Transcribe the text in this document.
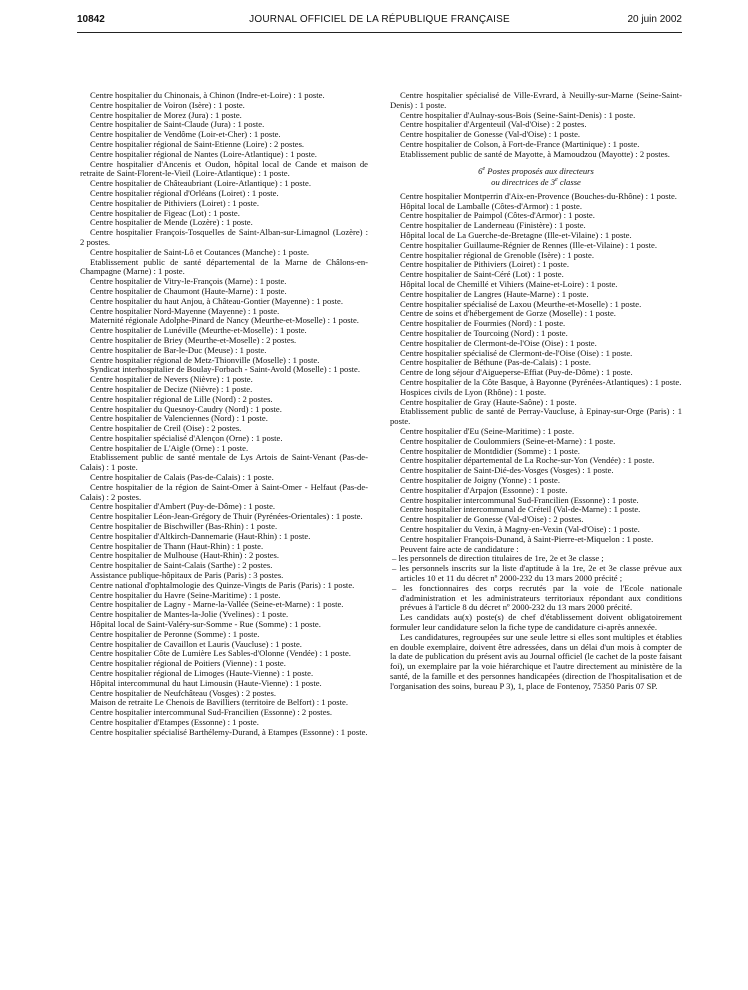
10842	JOURNAL OFFICIEL DE LA RÉPUBLIQUE FRANÇAISE	20 juin 2002

Centre hospitalier du Chinonais, à Chinon (Indre-et-Loire) : 1 poste.

Centre hospitalier de Voiron (Isère) : 1 poste.

Centre hospitalier de Morez (Jura) : 1 poste.

Centre hospitalier de Saint-Claude (Jura) : 1 poste.

Centre hospitalier de Vendôme (Loir-et-Cher) : 1 poste.

Centre hospitalier régional de Saint-Etienne (Loire) : 2 postes.

Centre hospitalier régional de Nantes (Loire-Atlantique) : 1 poste.

Centre hospitalier d'Ancenis et Oudon, hôpital local de Cande et maison de retraite de Saint-Florent-le-Vieil (Loire-Atlantique) : 1 poste.

Centre hospitalier de Châteaubriant (Loire-Atlantique) : 1 poste.

Centre hospitalier régional d'Orléans (Loiret) : 1 poste.

Centre hospitalier de Pithiviers (Loiret) : 1 poste.

Centre hospitalier de Figeac (Lot) : 1 poste.

Centre hospitalier de Mende (Lozère) : 1 poste.

Centre hospitalier François-Tosquelles de Saint-Alban-sur-Limagnol (Lozère) : 2 postes.

Centre hospitalier de Saint-Lô et Coutances (Manche) : 1 poste.

Etablissement public de santé départemental de la Marne de Châlons-en-Champagne (Marne) : 1 poste.

Centre hospitalier de Vitry-le-François (Marne) : 1 poste.

Centre hospitalier de Chaumont (Haute-Marne) : 1 poste.

Centre hospitalier du haut Anjou, à Château-Gontier (Mayenne) : 1 poste.

Centre hospitalier Nord-Mayenne (Mayenne) : 1 poste.

Maternité régionale Adolphe-Pinard de Nancy (Meurthe-et-Moselle) : 1 poste.

Centre hospitalier de Lunéville (Meurthe-et-Moselle) : 1 poste.

Centre hospitalier de Briey (Meurthe-et-Moselle) : 2 postes.

Centre hospitalier de Bar-le-Duc (Meuse) : 1 poste.

Centre hospitalier régional de Metz-Thionville (Moselle) : 1 poste.

Syndicat interhospitalier de Boulay-Forbach - Saint-Avold (Moselle) : 1 poste.

Centre hospitalier de Nevers (Nièvre) : 1 poste.

Centre hospitalier de Decize (Nièvre) : 1 poste.

Centre hospitalier régional de Lille (Nord) : 2 postes.

Centre hospitalier du Quesnoy-Caudry (Nord) : 1 poste.

Centre hospitalier de Valenciennes (Nord) : 1 poste.

Centre hospitalier de Creil (Oise) : 2 postes.

Centre hospitalier spécialisé d'Alençon (Orne) : 1 poste.

Centre hospitalier de L'Aigle (Orne) : 1 poste.

Etablissement public de santé mentale de Lys Artois de Saint-Venant (Pas-de-Calais) : 1 poste.

Centre hospitalier de Calais (Pas-de-Calais) : 1 poste.

Centre hospitalier de la région de Saint-Omer à Saint-Omer - Helfaut (Pas-de-Calais) : 2 postes.

Centre hospitalier d'Ambert (Puy-de-Dôme) : 1 poste.

Centre hospitalier Léon-Jean-Grégory de Thuir (Pyrénées-Orientales) : 1 poste.

Centre hospitalier de Bischwiller (Bas-Rhin) : 1 poste.

Centre hospitalier d'Altkirch-Dannemarie (Haut-Rhin) : 1 poste.

Centre hospitalier de Thann (Haut-Rhin) : 1 poste.

Centre hospitalier de Mulhouse (Haut-Rhin) : 2 postes.

Centre hospitalier de Saint-Calais (Sarthe) : 2 postes.

Assistance publique-hôpitaux de Paris (Paris) : 3 postes.

Centre national d'ophtalmologie des Quinze-Vingts de Paris (Paris) : 1 poste.

Centre hospitalier du Havre (Seine-Maritime) : 1 poste.

Centre hospitalier de Lagny - Marne-la-Vallée (Seine-et-Marne) : 1 poste.

Centre hospitalier de Mantes-la-Jolie (Yvelines) : 1 poste.

Hôpital local de Saint-Valéry-sur-Somme - Rue (Somme) : 1 poste.

Centre hospitalier de Peronne (Somme) : 1 poste.

Centre hospitalier de Cavaillon et Lauris (Vaucluse) : 1 poste.

Centre hospitalier Côte de Lumière Les Sables-d'Olonne (Vendée) : 1 poste.

Centre hospitalier régional de Poitiers (Vienne) : 1 poste.

Centre hospitalier régional de Limoges (Haute-Vienne) : 1 poste.

Hôpital intercommunal du haut Limousin (Haute-Vienne) : 1 poste.

Centre hospitalier de Neufchâteau (Vosges) : 2 postes.

Maison de retraite Le Chenois de Bavilliers (territoire de Belfort) : 1 poste.

Centre hospitalier intercommunal Sud-Francilien (Essonne) : 2 postes.

Centre hospitalier d'Etampes (Essonne) : 1 poste.

Centre hospitalier spécialisé Barthélemy-Durand, à Etampes (Essonne) : 1 poste.

Centre hospitalier spécialisé de Ville-Evrard, à Neuilly-sur-Marne (Seine-Saint-Denis) : 1 poste.

Centre hospitalier d'Aulnay-sous-Bois (Seine-Saint-Denis) : 1 poste.

Centre hospitalier d'Argenteuil (Val-d'Oise) : 2 postes.

Centre hospitalier de Gonesse (Val-d'Oise) : 1 poste.

Centre hospitalier de Colson, à Fort-de-France (Martinique) : 1 poste.

Etablissement public de santé de Mayotte, à Mamoudzou (Mayotte) : 2 postes.

6e Postes proposés aux directeurs
ou directrices de 3e classe

Centre hospitalier Montperrin d'Aix-en-Provence (Bouches-du-Rhône) : 1 poste.

Hôpital local de Lamballe (Côtes-d'Armor) : 1 poste.

Centre hospitalier de Paimpol (Côtes-d'Armor) : 1 poste.

Centre hospitalier de Landerneau (Finistère) : 1 poste.

Hôpital local de La Guerche-de-Bretagne (Ille-et-Vilaine) : 1 poste.

Centre hospitalier Guillaume-Régnier de Rennes (Ille-et-Vilaine) : 1 poste.

Centre hospitalier régional de Grenoble (Isère) : 1 poste.

Centre hospitalier de Pithiviers (Loiret) : 1 poste.

Centre hospitalier de Saint-Céré (Lot) : 1 poste.

Hôpital local de Chemillé et Vihiers (Maine-et-Loire) : 1 poste.

Centre hospitalier de Langres (Haute-Marne) : 1 poste.

Centre hospitalier spécialisé de Laxou (Meurthe-et-Moselle) : 1 poste.

Centre de soins et d'hébergement de Gorze (Moselle) : 1 poste.

Centre hospitalier de Fourmies (Nord) : 1 poste.

Centre hospitalier de Tourcoing (Nord) : 1 poste.

Centre hospitalier de Clermont-de-l'Oise (Oise) : 1 poste.

Centre hospitalier spécialisé de Clermont-de-l'Oise (Oise) : 1 poste.

Centre hospitalier de Béthune (Pas-de-Calais) : 1 poste.

Centre de long séjour d'Aigueperse-Effiat (Puy-de-Dôme) : 1 poste.

Centre hospitalier de la Côte Basque, à Bayonne (Pyrénées-Atlantiques) : 1 poste.

Hospices civils de Lyon (Rhône) : 1 poste.

Centre hospitalier de Gray (Haute-Saône) : 1 poste.

Etablissement public de santé de Perray-Vaucluse, à Epinay-sur-Orge (Paris) : 1 poste.

Centre hospitalier d'Eu (Seine-Maritime) : 1 poste.

Centre hospitalier de Coulommiers (Seine-et-Marne) : 1 poste.

Centre hospitalier de Montdidier (Somme) : 1 poste.

Centre hospitalier départemental de La Roche-sur-Yon (Vendée) : 1 poste.

Centre hospitalier de Saint-Dié-des-Vosges (Vosges) : 1 poste.

Centre hospitalier de Joigny (Yonne) : 1 poste.

Centre hospitalier d'Arpajon (Essonne) : 1 poste.

Centre hospitalier intercommunal Sud-Francilien (Essonne) : 1 poste.

Centre hospitalier intercommunal de Créteil (Val-de-Marne) : 1 poste.

Centre hospitalier de Gonesse (Val-d'Oise) : 2 postes.

Centre hospitalier du Vexin, à Magny-en-Vexin (Val-d'Oise) : 1 poste.

Centre hospitalier François-Dunand, à Saint-Pierre-et-Miquelon : 1 poste.

Peuvent faire acte de candidature :

– les personnels de direction titulaires de 1re, 2e et 3e classe ;
– les personnels inscrits sur la liste d'aptitude à la 1re, 2e et 3e classe prévue aux articles 10 et 11 du décret nº 2000-232 du 13 mars 2000 précité ;
– les fonctionnaires des corps recrutés par la voie de l'Ecole nationale d'administration et les administrateurs territoriaux répondant aux conditions prévues à l'article 8 du décret nº 2000-232 du 13 mars 2000 précité.

Les candidats au(x) poste(s) de chef d'établissement doivent obligatoirement formuler leur candidature selon la fiche type de candidature ci-après annexée.

Les candidatures, regroupées sur une seule lettre si elles sont multiples et établies en double exemplaire, doivent être adressées, dans un délai d'un mois à compter de la date de publication du présent avis au Journal officiel (le cachet de la poste faisant foi), un exemplaire par la voie hiérarchique et l'autre directement au ministère de la santé, de la famille et des personnes handicapées (direction de l'hospitalisation et de l'organisation des soins, bureau P 3), 1, place de Fontenoy, 75350 Paris 07 SP.
